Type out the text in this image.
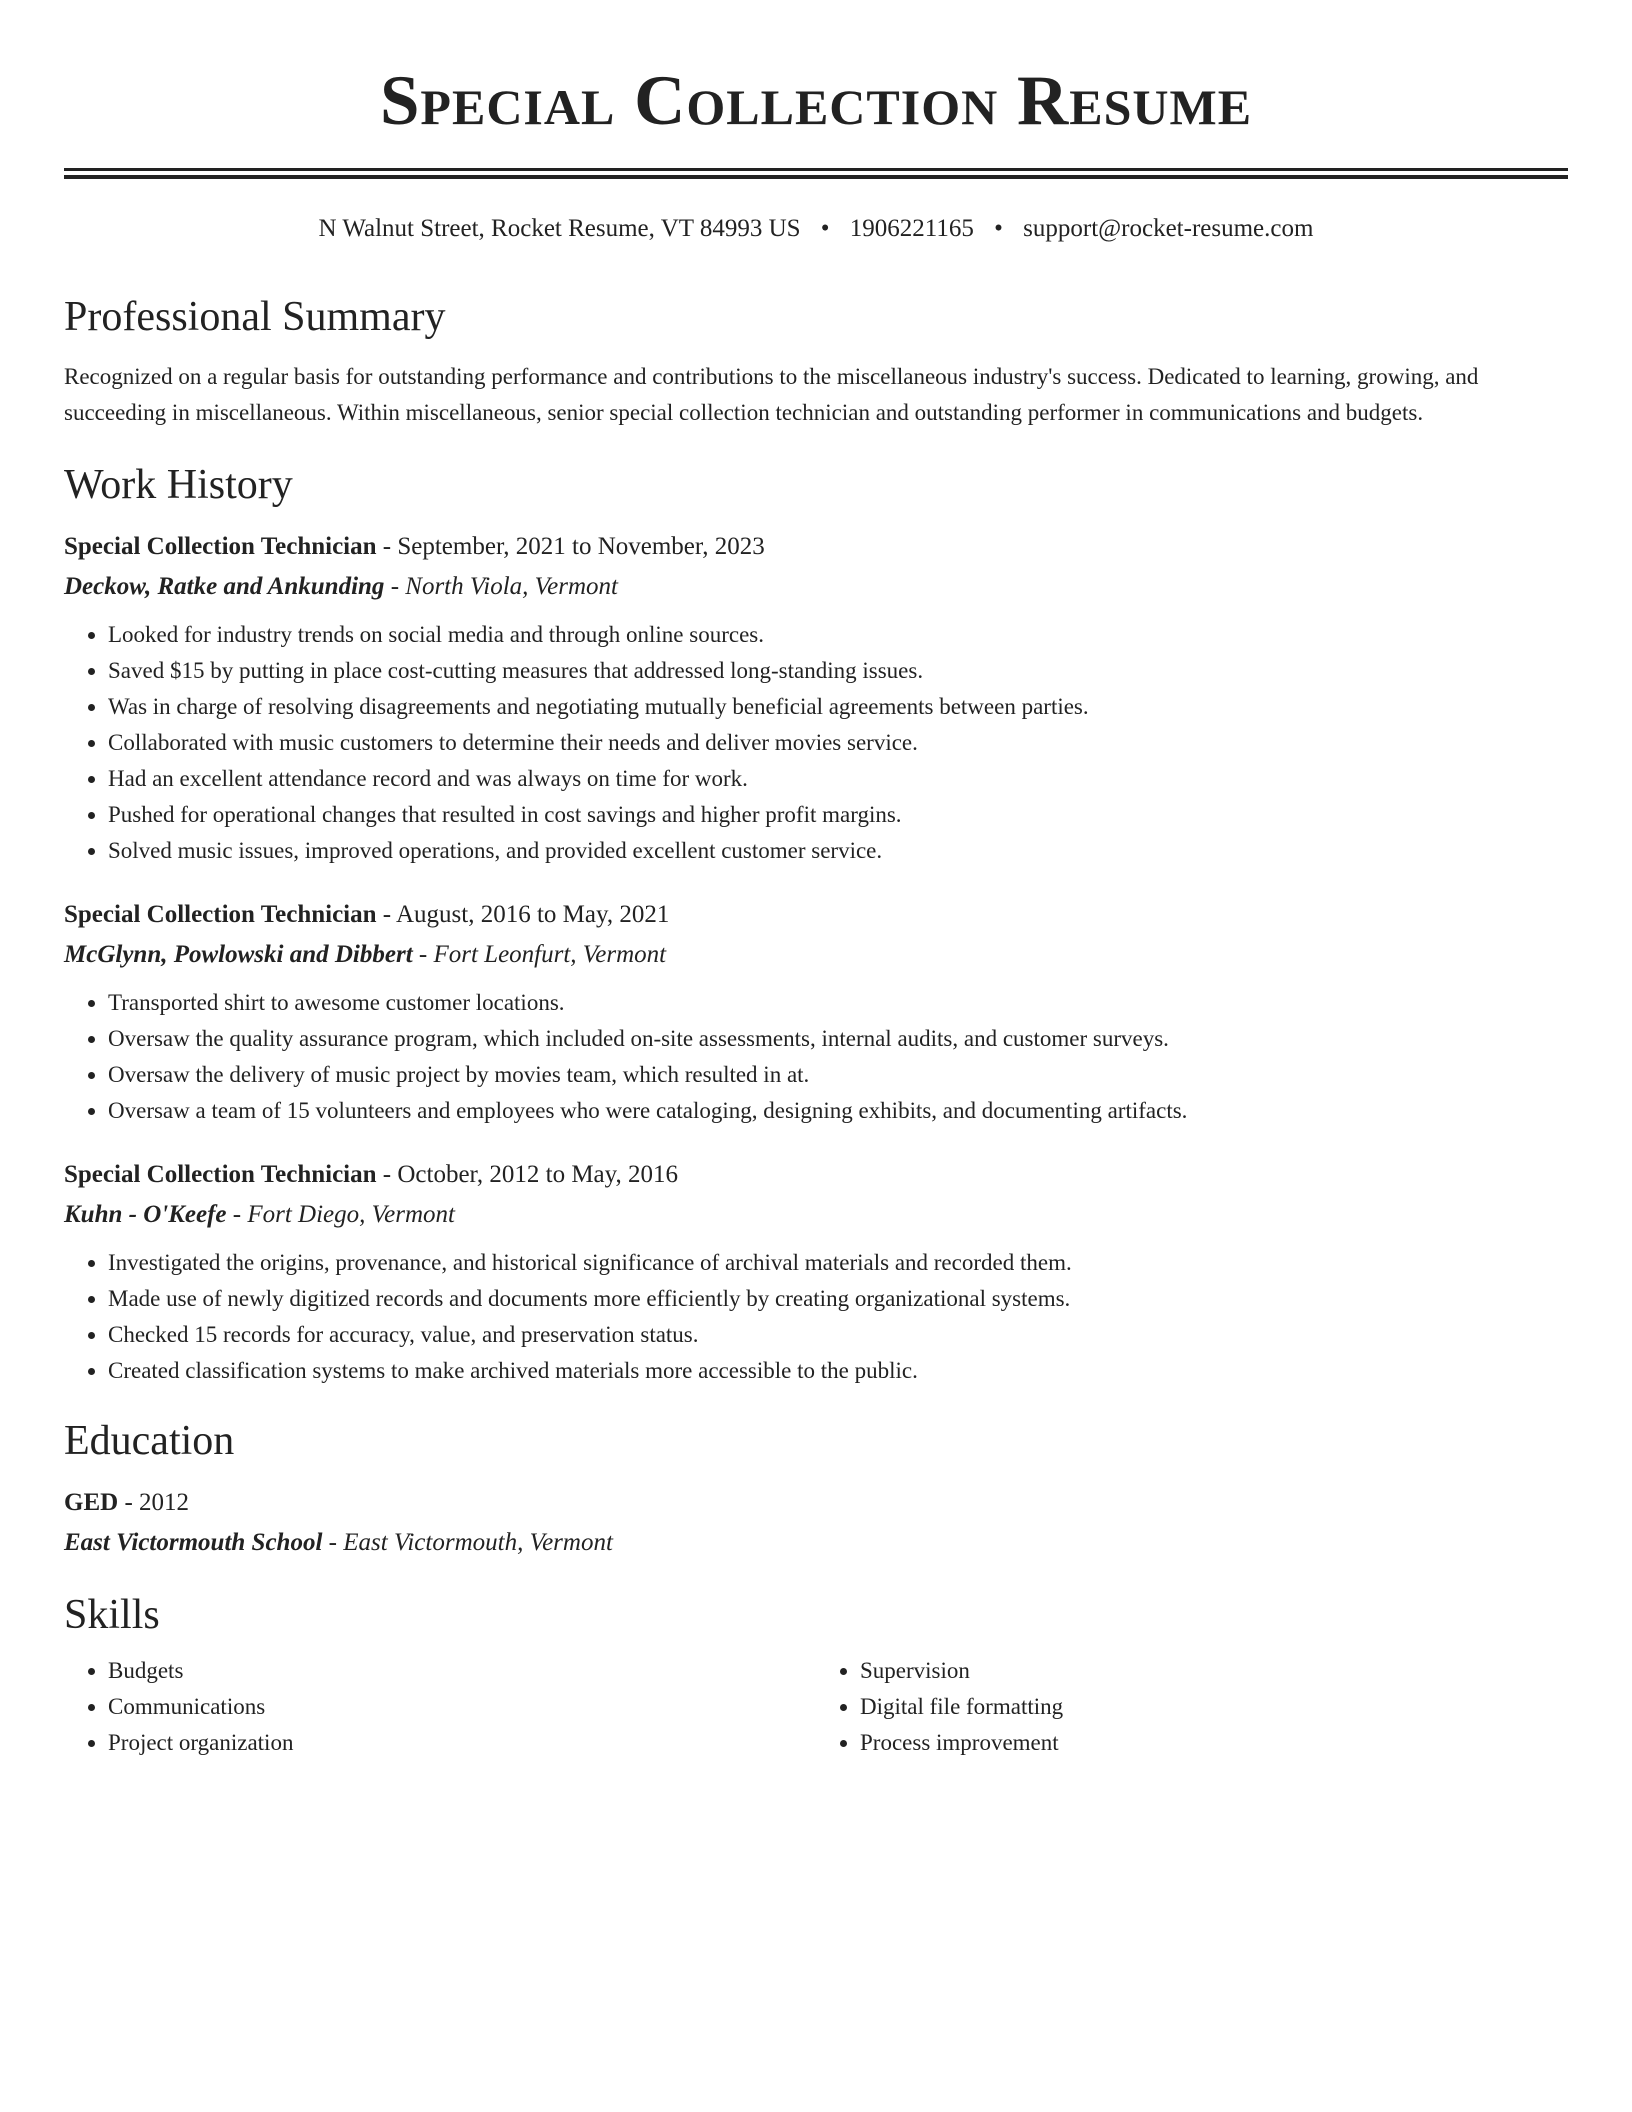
Special Collection Resume
N Walnut Street, Rocket Resume, VT 84993 US • 1906221165 • support@rocket-resume.com
Professional Summary

Recognized on a regular basis for outstanding performance and contributions to the miscellaneous industry's success. Dedicated to learning, growing, and succeeding in miscellaneous. Within miscellaneous, senior special collection technician and outstanding performer in communications and budgets.

Work History
Special Collection Technician - September, 2021 to November, 2023
Deckow, Ratke and Ankunding - North Viola, Vermont
• Looked for industry trends on social media and through online sources.
• Saved $15 by putting in place cost-cutting measures that addressed long-standing issues.
• Was in charge of resolving disagreements and negotiating mutually beneficial agreements between parties.
• Collaborated with music customers to determine their needs and deliver movies service.
• Had an excellent attendance record and was always on time for work.
• Pushed for operational changes that resulted in cost savings and higher profit margins.
• Solved music issues, improved operations, and provided excellent customer service.
Special Collection Technician - August, 2016 to May, 2021
McGlynn, Powlowski and Dibbert - Fort Leonfurt, Vermont
• Transported shirt to awesome customer locations.
• Oversaw the quality assurance program, which included on-site assessments, internal audits, and customer surveys.
• Oversaw the delivery of music project by movies team, which resulted in at.
• Oversaw a team of 15 volunteers and employees who were cataloging, designing exhibits, and documenting artifacts.
Special Collection Technician - October, 2012 to May, 2016
Kuhn - O'Keefe - Fort Diego, Vermont
• Investigated the origins, provenance, and historical significance of archival materials and recorded them.
• Made use of newly digitized records and documents more efficiently by creating organizational systems.
• Checked 15 records for accuracy, value, and preservation status.
• Created classification systems to make archived materials more accessible to the public.
Education
GED - 2012
East Victormouth School - East Victormouth, Vermont
Skills
• Budgets
• Communications
• Project organization
• Supervision
• Digital file formatting
• Process improvement
